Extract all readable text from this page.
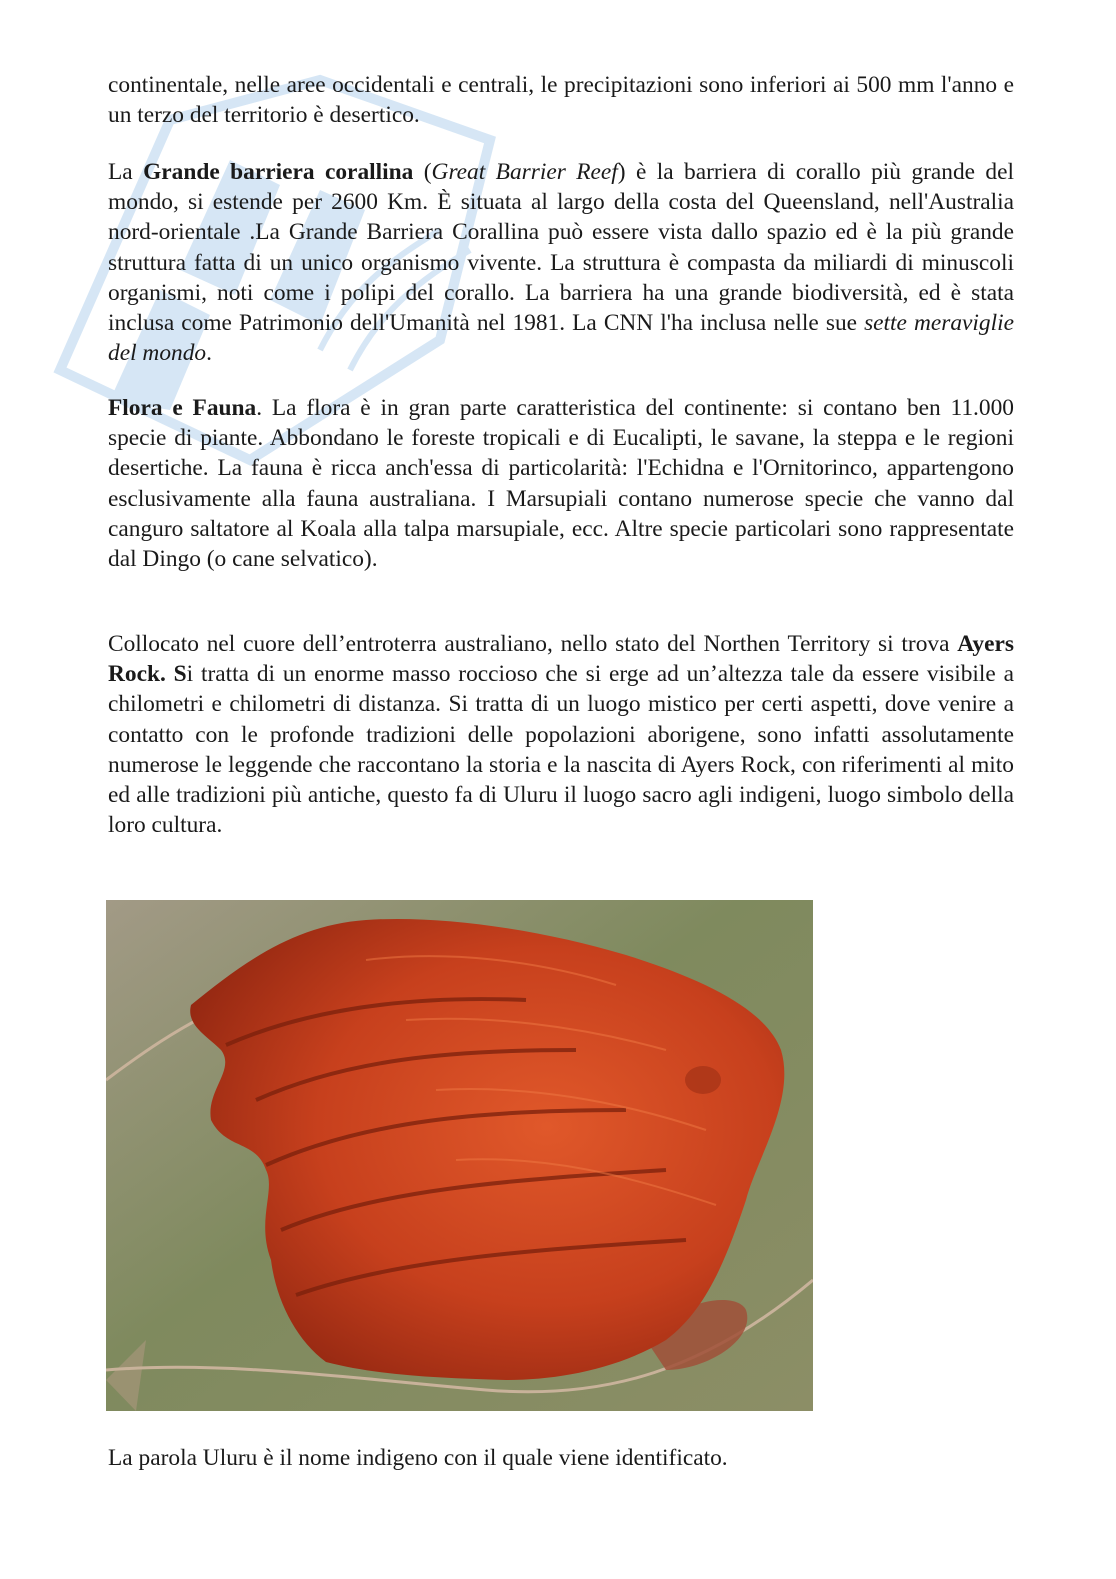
continentale, nelle aree occidentali e centrali, le precipitazioni sono inferiori ai 500 mm l'anno e un terzo del territorio è desertico.

La Grande barriera corallina (Great Barrier Reef) è la barriera di corallo più grande del mondo, si estende per 2600 Km. È situata al largo della costa del Queensland, nell'Australia nord-orientale .La Grande Barriera Corallina può essere vista dallo spazio ed è la più grande struttura fatta di un unico organismo vivente. La struttura è compasta da miliardi di minuscoli organismi, noti come i polipi del corallo. La barriera ha una grande biodiversità, ed è stata inclusa come Patrimonio dell'Umanità nel 1981. La CNN l'ha inclusa nelle sue sette meraviglie del mondo.

Flora e Fauna. La flora è in gran parte caratteristica del continente: si contano ben 11.000 specie di piante. Abbondano le foreste tropicali e di Eucalipti, le savane, la steppa e le regioni desertiche. La fauna è ricca anch'essa di particolarità: l'Echidna e l'Ornitorinco, appartengono esclusivamente alla fauna australiana. I Marsupiali contano numerose specie che vanno dal canguro saltatore al Koala alla talpa marsupiale, ecc. Altre specie particolari sono rappresentate dal Dingo (o cane selvatico).

Collocato nel cuore dell’entroterra australiano, nello stato del Northen Territory si trova Ayers Rock. Si tratta di un enorme masso roccioso che si erge ad un’altezza tale da essere visibile a chilometri e chilometri di distanza. Si tratta di un luogo mistico per certi aspetti, dove venire a contatto con le profonde tradizioni delle popolazioni aborigene, sono infatti assolutamente numerose le leggende che raccontano la storia e la nascita di Ayers Rock, con riferimenti al mito ed alle tradizioni più antiche, questo fa di Uluru il luogo sacro agli indigeni, luogo simbolo della loro cultura.

La parola Uluru è il nome indigeno con il quale viene identificato.
